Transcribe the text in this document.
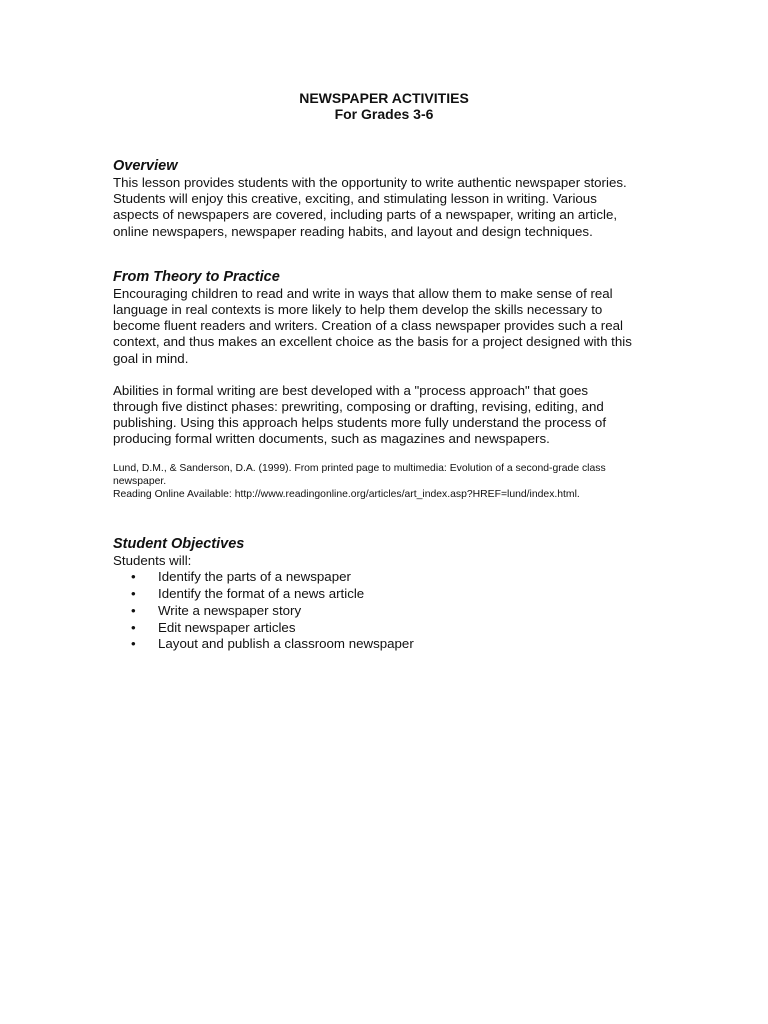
NEWSPAPER ACTIVITIES
For Grades 3-6
Overview
This lesson provides students with the opportunity to write authentic newspaper stories.
Students will enjoy this creative, exciting, and stimulating lesson in writing. Various
aspects of newspapers are covered, including parts of a newspaper, writing an article,
online newspapers, newspaper reading habits, and layout and design techniques.
From Theory to Practice
Encouraging children to read and write in ways that allow them to make sense of real
language in real contexts is more likely to help them develop the skills necessary to
become fluent readers and writers. Creation of a class newspaper provides such a real
context, and thus makes an excellent choice as the basis for a project designed with this
goal in mind.
Abilities in formal writing are best developed with a "process approach" that goes
through five distinct phases: prewriting, composing or drafting, revising, editing, and
publishing. Using this approach helps students more fully understand the process of
producing formal written documents, such as magazines and newspapers.
Lund, D.M., & Sanderson, D.A. (1999). From printed page to multimedia: Evolution of a second-grade class
newspaper.
Reading Online Available: http://www.readingonline.org/articles/art_index.asp?HREF=lund/index.html.
Student Objectives
Students will:
• Identify the parts of a newspaper
• Identify the format of a news article
• Write a newspaper story
• Edit newspaper articles
• Layout and publish a classroom newspaper
